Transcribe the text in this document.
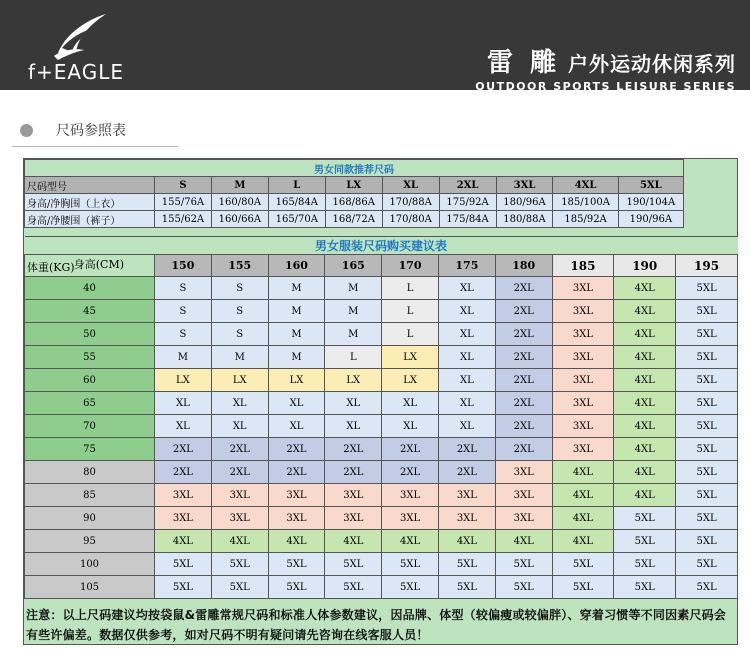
f+EAGLE	雷 雕 户外运动休闲系列
OUTDOOR SPORTS LEISURE SERIES
尺码参照表
男女同款推荐尺码									
尺码型号	S	M	L	LX	XL	2XL	3XL	4XL	5XL
身高/净胸围（上衣）	155/76A	160/80A	165/84A	168/86A	170/88A	175/92A	180/96A	185/100A	190/104A
身高/净腰围（裤子）	155/62A	160/66A	165/70A	168/72A	170/80A	175/84A	180/88A	185/92A	190/96A
男女服装尺码购买建议表										

身高(CM)
体重(KG)	150	155	160	165	170	175	180	185	190	195
40	S	S	M	M	L	XL	2XL	3XL	4XL	5XL
45	S	S	M	M	L	XL	2XL	3XL	4XL	5XL
50	S	S	M	M	L	XL	2XL	3XL	4XL	5XL
55	M	M	M	L	LX	XL	2XL	3XL	4XL	5XL
60	LX	LX	LX	LX	LX	XL	2XL	3XL	4XL	5XL
65	XL	XL	XL	XL	XL	XL	2XL	3XL	4XL	5XL
70	XL	XL	XL	XL	XL	XL	2XL	3XL	4XL	5XL
75	2XL	2XL	2XL	2XL	2XL	2XL	2XL	3XL	4XL	5XL
80	2XL	2XL	2XL	2XL	2XL	2XL	3XL	4XL	4XL	5XL
85	3XL	3XL	3XL	3XL	3XL	3XL	3XL	4XL	4XL	5XL
90	3XL	3XL	3XL	3XL	3XL	3XL	3XL	4XL	5XL	5XL
95	4XL	4XL	4XL	4XL	4XL	4XL	4XL	4XL	5XL	5XL
100	5XL	5XL	5XL	5XL	5XL	5XL	5XL	5XL	5XL	5XL
105	5XL	5XL	5XL	5XL	5XL	5XL	5XL	5XL	5XL	5XL
注意：以上尺码建议均按袋鼠&雷雕常规尺码和标准人体参数建议，因品牌、体型（较偏瘦或较偏胖）、穿着习惯等不同因素尺码会有些许偏差。数据仅供参考，如对尺码不明有疑问请先咨询在线客服人员！
